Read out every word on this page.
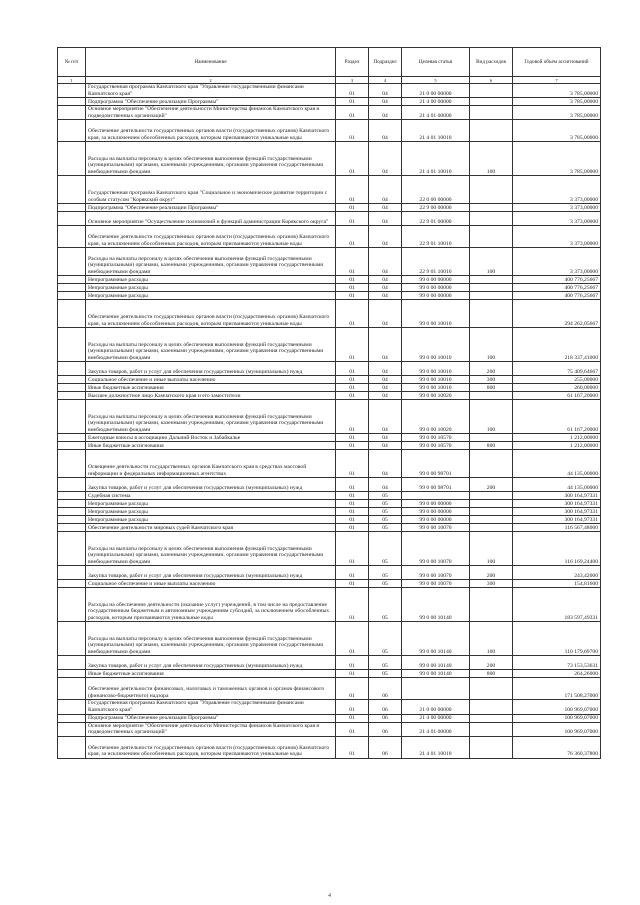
№ п/п	Наименование	Раздел	Подраздел	Целевая статья	Вид расходов	Годовой объем ассигнований
1	2	3	4	5	6	7
	Государственная программа Камчатского края "Управление государственными финансами Камчатского края"	01	04	21 0 00 00000		3 785,00000
	Подпрограмма "Обеспечение реализации Программы"	01	04	21 4 00 00000		3 785,00000
	Основное мероприятие "Обеспечение деятельности Министерства финансов Камчатского края и подведомственных организаций"	01	04	21 4 01 00000		3 785,00000
	Обеспечение деятельности государственных органов власти (государственных органов) Камчатского края, за исключением обособленных расходов, которым присваиваются уникальные коды	01	04	21 4 01 10010		3 785,00000
	Расходы на выплаты персоналу в целях обеспечения выполнения функций государственными (муниципальными) органами, казенными учреждениями, органами управления государственными внебюджетными фондами	01	04	21 4 01 10010	100	3 785,00000
	Государственная программа Камчатского края "Социальное и экономическое развитие территории с особым статусом "Корякский округ"	01	04	22 0 00 00000		3 373,00000
	Подпрограмма "Обеспечение реализации Программы"	01	04	22 9 00 00000		3 373,00000
	Основное мероприятие "Осуществление полномочий и функций администрации Корякского округа"	01	04	22 9 01 00000		3 373,00000
	Обеспечение деятельности государственных органов власти (государственных органов) Камчатского края, за исключением обособленных расходов, которым присваиваются уникальные коды	01	04	22 9 01 10010		3 373,00000
	Расходы на выплаты персоналу в целях обеспечения выполнения функций государственными (муниципальными) органами, казенными учреждениями, органами управления государственными внебюджетными фондами	01	04	22 9 01 10010	100	3 373,00000
	Непрограммные расходы	01	04	99 0 00 00000		400 776,25667
	Непрограммные расходы	01	04	99 0 00 00000		400 776,25667
	Непрограммные расходы	01	04	99 0 00 00000		400 776,25667
	Обеспечение деятельности государственных органов власти (государственных органов) Камчатского края, за исключением обособленных расходов, которым присваиваются уникальные коды	01	04	99 0 00 10010		294 262,05667
	Расходы на выплаты персоналу в целях обеспечения выполнения функций государственными (муниципальными) органами, казенными учреждениями, органами управления государственными внебюджетными фондами	01	04	99 0 00 10010	100	218 337,41000
	Закупка товаров, работ и услуг для обеспечения государственных (муниципальных) нужд	01	04	99 0 00 10010	200	75 409,64667
	Социальное обеспечение и иные выплаты населению	01	04	99 0 00 10010	300	255,00000
	Иные бюджетные ассигнования	01	04	99 0 00 10010	800	260,00000
	Высшее должностное лицо Камчатского края и его заместители	01	04	99 0 00 10020		61 167,20000
	Расходы на выплаты персоналу в целях обеспечения выполнения функций государственными (муниципальными) органами, казенными учреждениями, органами управления государственными внебюджетными фондами	01	04	99 0 00 10020	100	61 167,20000
	Ежегодные взносы в ассоциацию Дальний Восток и Забайкалье	01	04	99 0 00 10570		1 212,00000
	Иные бюджетные ассигнования	01	04	99 0 00 10570	800	1 212,00000
	Освещение деятельности государственных органов Камчатского края в средствах массовой информации и федеральных информационных агентствах	01	04	99 0 00 98701		44 135,00000
	Закупка товаров, работ и услуг для обеспечения государственных (муниципальных) нужд	01	04	99 0 00 98701	200	44 135,00000
	Судебная система	01	05			300 164,97331
	Непрограммные расходы	01	05	99 0 00 00000		300 164,97331
	Непрограммные расходы	01	05	99 0 00 00000		300 164,97331
	Непрограммные расходы	01	05	99 0 00 00000		300 164,97331
	Обеспечение деятельности мировых судей Камчатского края	01	05	99 0 00 10070		116 567,48000
	Расходы на выплаты персоналу в целях обеспечения выполнения функций государственными (муниципальными) органами, казенными учреждениями, органами управления государственными внебюджетными фондами	01	05	99 0 00 10070	100	116 169,24400
	Закупка товаров, работ и услуг для обеспечения государственных (муниципальных) нужд	01	05	99 0 00 10070	200	243,42000
	Социальное обеспечение и иные выплаты населению	01	05	99 0 00 10070	300	154,81600
	Расходы на обеспечение деятельности (оказание услуг) учреждений, в том числе на предоставление государственным бюджетным и автономным учреждениям субсидий, за исключением обособленных расходов, которым присваиваются уникальные коды	01	05	99 0 00 10140		183 597,49331
	Расходы на выплаты персоналу в целях обеспечения выполнения функций государственными (муниципальными) органами, казенными учреждениями, органами управления государственными внебюджетными фондами	01	05	99 0 00 10140	100	110 179,69700
	Закупка товаров, работ и услуг для обеспечения государственных (муниципальных) нужд	01	05	99 0 00 10140	200	73 153,53631
	Иные бюджетные ассигнования	01	05	99 0 00 10140	800	264,26000
	Обеспечение деятельности финансовых, налоговых и таможенных органов и органов финансового (финансово-бюджетного) надзора	01	06			171 508,27000
	Государственная программа Камчатского края "Управление государственными финансами Камчатского края"	01	06	21 0 00 00000		100 969,07000
	Подпрограмма "Обеспечение реализации Программы"	01	06	21 4 00 00000		100 969,07000
	Основное мероприятие "Обеспечение деятельности Министерства финансов Камчатского края и подведомственных организаций"	01	06	21 4 01 00000		100 969,07000
	Обеспечение деятельности государственных органов власти (государственных органов) Камчатского края, за исключением обособленных расходов, которым присваиваются уникальные коды	01	06	21 4 01 10010		76 360,37800
4
